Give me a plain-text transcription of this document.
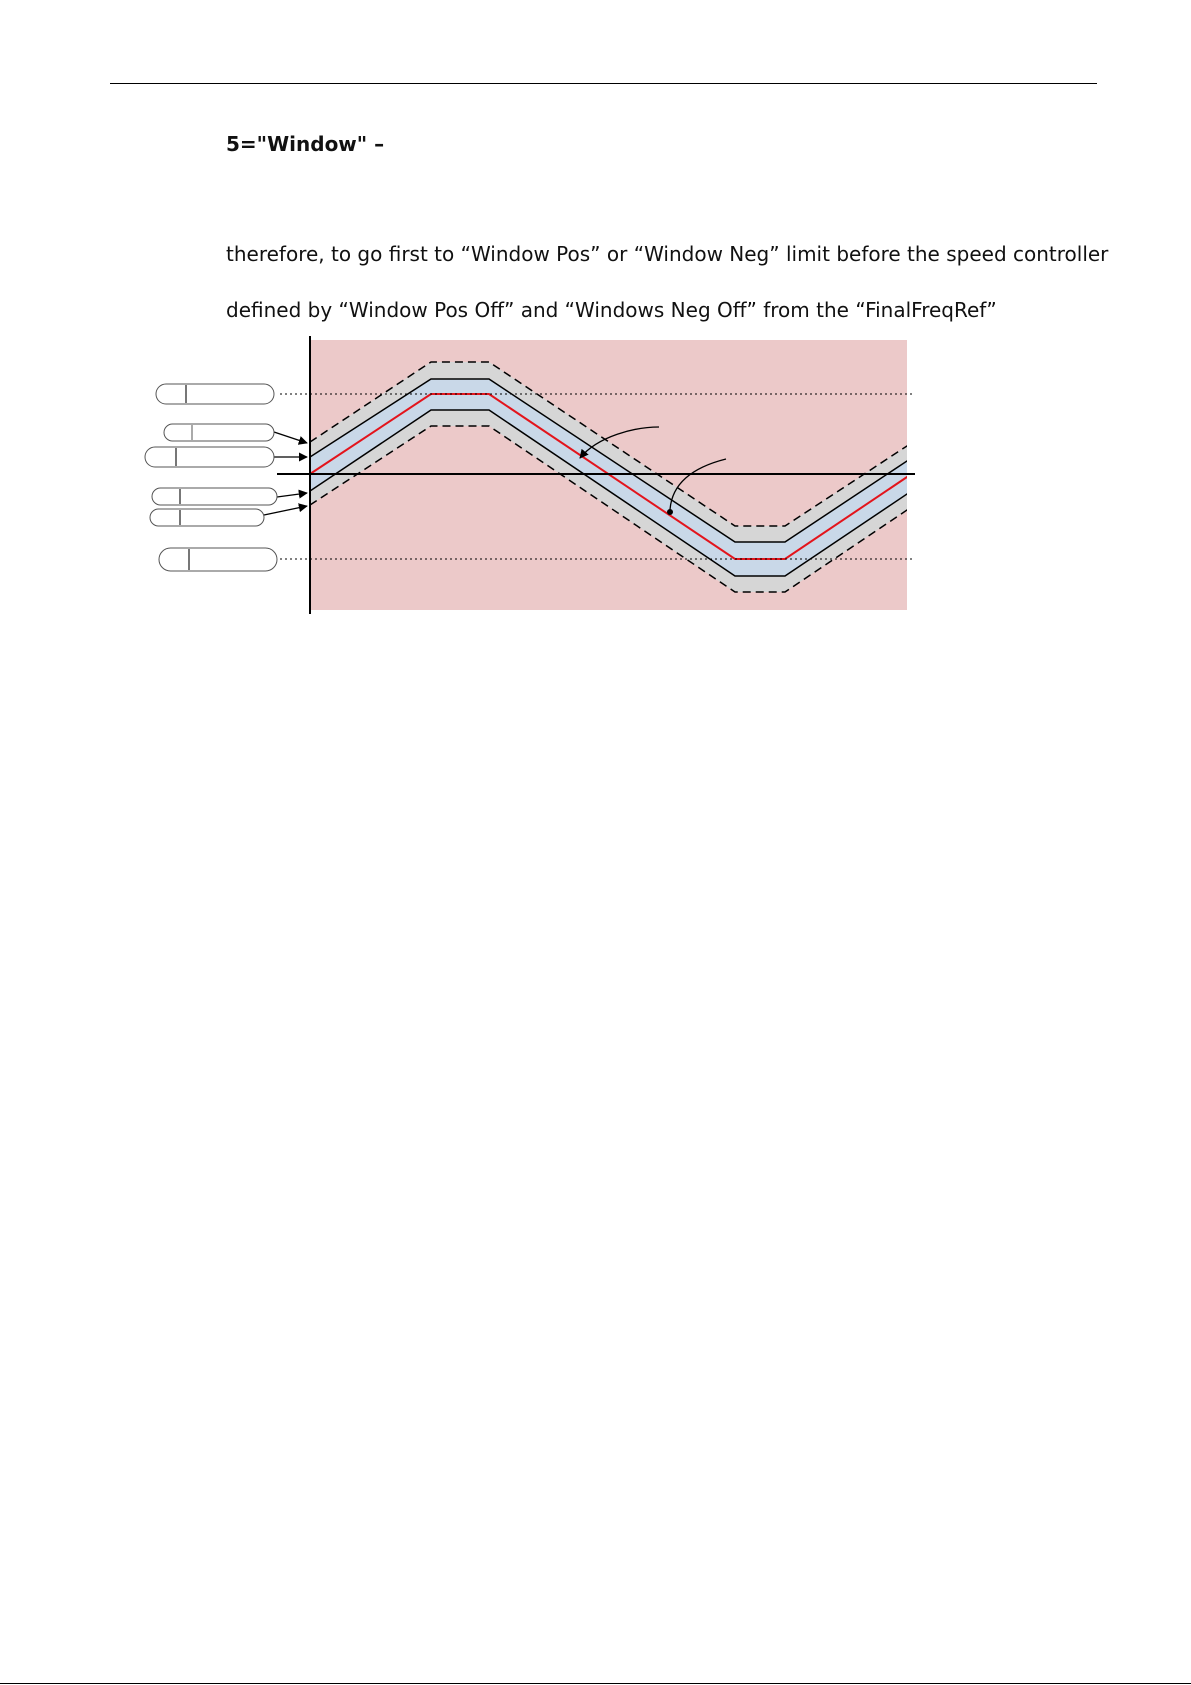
5="Window" –
therefore, to go first to “Window Pos” or “Window Neg” limit before the speed controller
defined by “Window Pos Off” and “Windows Neg Off” from the “FinalFreqRef”
